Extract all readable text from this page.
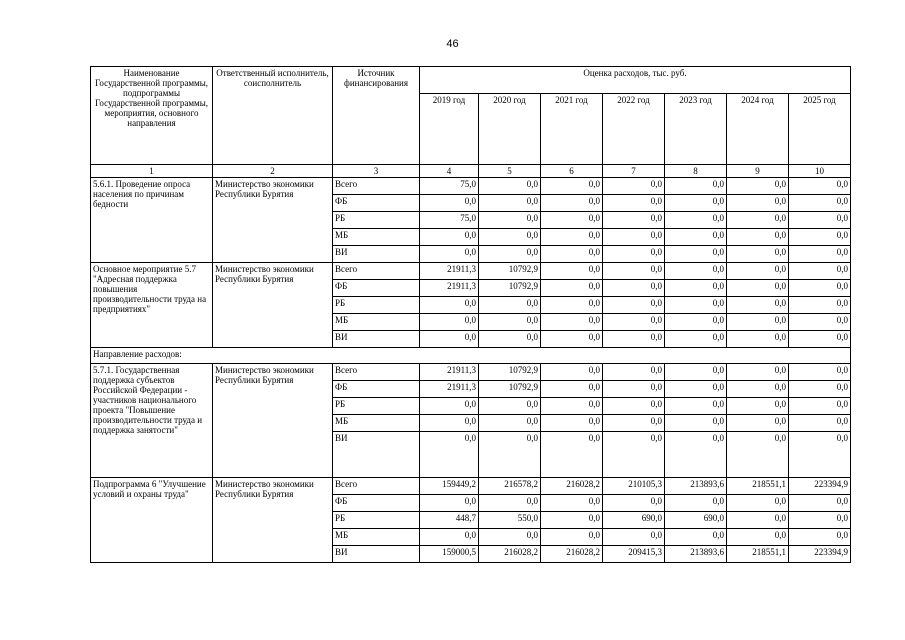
46
Наименование Государственной программы, подпрограммы Государственной программы, мероприятия, основного направления	Ответственный исполнитель, соисполнитель	Источник финансирования	Оценка расходов, тыс. руб.						
			2019 год	2020 год	2021 год	2022 год	2023 год	2024 год	2025 год
1	2	3	4	5	6	7	8	9	10
5.6.1. Проведение опроса населения по причинам бедности	Министерство экономики Республики Бурятия	Всего	75,0	0,0	0,0	0,0	0,0	0,0	0,0
		ФБ	0,0	0,0	0,0	0,0	0,0	0,0	0,0
		РБ	75,0	0,0	0,0	0,0	0,0	0,0	0,0
		МБ	0,0	0,0	0,0	0,0	0,0	0,0	0,0
		ВИ	0,0	0,0	0,0	0,0	0,0	0,0	0,0
Основное мероприятие 5.7 "Адресная поддержка повышения производительности труда на предприятиях"	Министерство экономики Республики Бурятия	Всего	21911,3	10792,9	0,0	0,0	0,0	0,0	0,0
		ФБ	21911,3	10792,9	0,0	0,0	0,0	0,0	0,0
		РБ	0,0	0,0	0,0	0,0	0,0	0,0	0,0
		МБ	0,0	0,0	0,0	0,0	0,0	0,0	0,0
		ВИ	0,0	0,0	0,0	0,0	0,0	0,0	0,0
Направление расходов:									
5.7.1. Государственная поддержка субъектов Российской Федерации - участников национального проекта "Повышение производительности труда и поддержка занятости"	Министерство экономики Республики Бурятия	Всего	21911,3	10792,9	0,0	0,0	0,0	0,0	0,0
		ФБ	21911,3	10792,9	0,0	0,0	0,0	0,0	0,0
		РБ	0,0	0,0	0,0	0,0	0,0	0,0	0,0
		МБ	0,0	0,0	0,0	0,0	0,0	0,0	0,0
		ВИ	0,0	0,0	0,0	0,0	0,0	0,0	0,0
Подпрограмма 6 "Улучшение условий и охраны труда"	Министерство экономики Республики Бурятия	Всего	159449,2	216578,2	216028,2	210105,3	213893,6	218551,1	223394,9
		ФБ	0,0	0,0	0,0	0,0	0,0	0,0	0,0
		РБ	448,7	550,0	0,0	690,0	690,0	0,0	0,0
		МБ	0,0	0,0	0,0	0,0	0,0	0,0	0,0
		ВИ	159000,5	216028,2	216028,2	209415,3	213893,6	218551,1	223394,9
